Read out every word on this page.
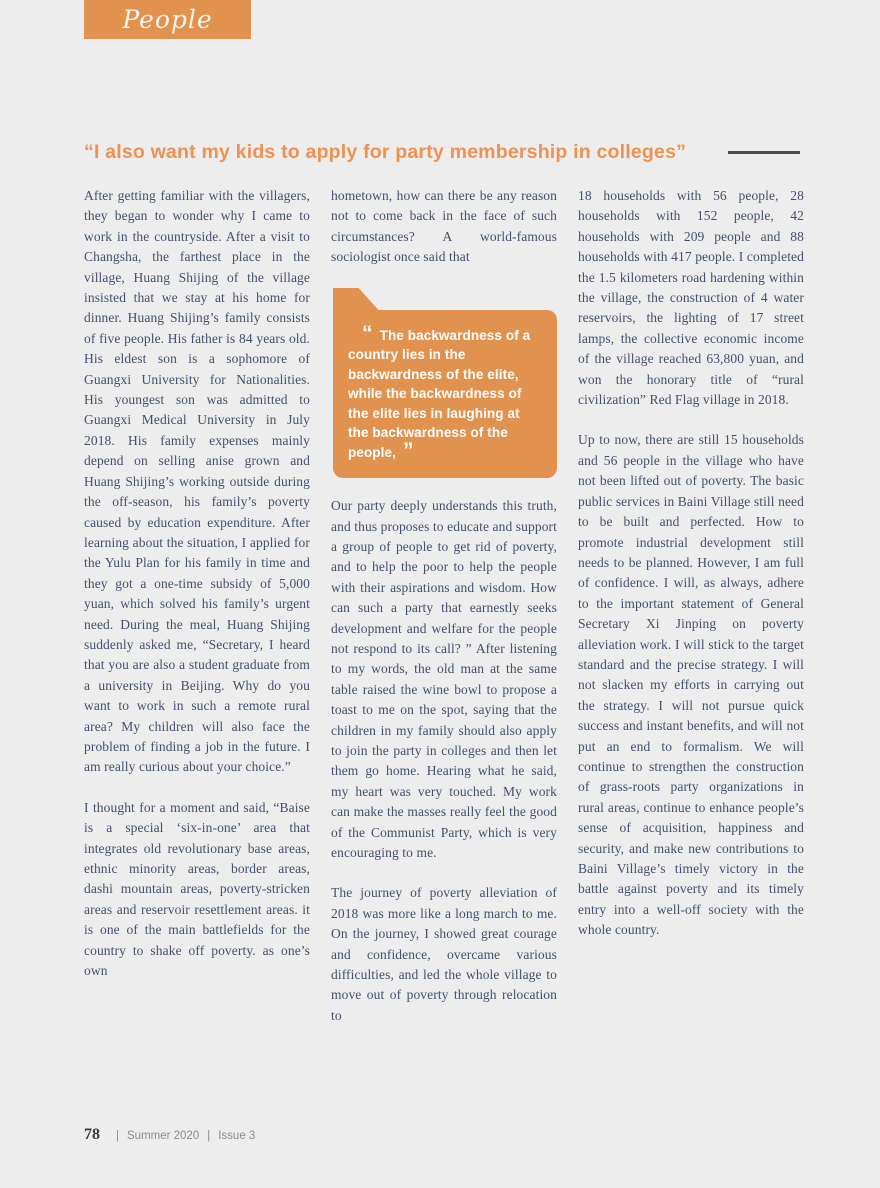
People
“I also want my kids to apply for party membership in colleges”

After getting familiar with the villagers, they began to wonder why I came to work in the countryside. After a visit to Changsha, the farthest place in the village, Huang Shijing of the village insisted that we stay at his home for dinner. Huang Shijing’s family consists of five people. His father is 84 years old. His eldest son is a sophomore of Guangxi University for Nationalities. His youngest son was admitted to Guangxi Medical University in July 2018. His family expenses mainly depend on selling anise grown and Huang Shijing’s working outside during the off-season, his family’s poverty caused by education expenditure. After learning about the situation, I applied for the Yulu Plan for his family in time and they got a one-time subsidy of 5,000 yuan, which solved his family’s urgent need. During the meal, Huang Shijing suddenly asked me, “Secretary, I heard that you are also a student graduate from a university in Beijing. Why do you want to work in such a remote rural area? My children will also face the problem of finding a job in the future. I am really curious about your choice.”

I thought for a moment and said, “Baise is a special ‘six-in-one’ area that integrates old revolutionary base areas, ethnic minority areas, border areas, dashi mountain areas, poverty-stricken areas and reservoir resettlement areas. it is one of the main battlefields for the country to shake off poverty. as one’s own

hometown, how can there be any reason not to come back in the face of such circumstances? A world-famous sociologist once said that

“ The backwardness of a country lies in the backwardness of the elite, while the backwardness of the elite lies in laughing at the backwardness of the people, ”

Our party deeply understands this truth, and thus proposes to educate and support a group of people to get rid of poverty, and to help the poor to help the people with their aspirations and wisdom. How can such a party that earnestly seeks development and welfare for the people not respond to its call? ” After listening to my words, the old man at the same table raised the wine bowl to propose a toast to me on the spot, saying that the children in my family should also apply to join the party in colleges and then let them go home. Hearing what he said, my heart was very touched. My work can make the masses really feel the good of the Communist Party, which is very encouraging to me.

The journey of poverty alleviation of 2018 was more like a long march to me. On the journey, I showed great courage and confidence, overcame various difficulties, and led the whole village to move out of poverty through relocation to

18 households with 56 people, 28 households with 152 people, 42 households with 209 people and 88 households with 417 people. I completed the 1.5 kilometers road hardening within the village, the construction of 4 water reservoirs, the lighting of 17 street lamps, the collective economic income of the village reached 63,800 yuan, and won the honorary title of “rural civilization” Red Flag village in 2018.

Up to now, there are still 15 households and 56 people in the village who have not been lifted out of poverty. The basic public services in Baini Village still need to be built and perfected. How to promote industrial development still needs to be planned. However, I am full of confidence. I will, as always, adhere to the important statement of General Secretary Xi Jinping on poverty alleviation work. I will stick to the target standard and the precise strategy. I will not slacken my efforts in carrying out the strategy. I will not pursue quick success and instant benefits, and will not put an end to formalism. We will continue to strengthen the construction of grass-roots party organizations in rural areas, continue to enhance people’s sense of acquisition, happiness and security, and make new contributions to Baini Village’s timely victory in the battle against poverty and its timely entry into a well-off society with the whole country.

78 | Summer 2020 | Issue 3
